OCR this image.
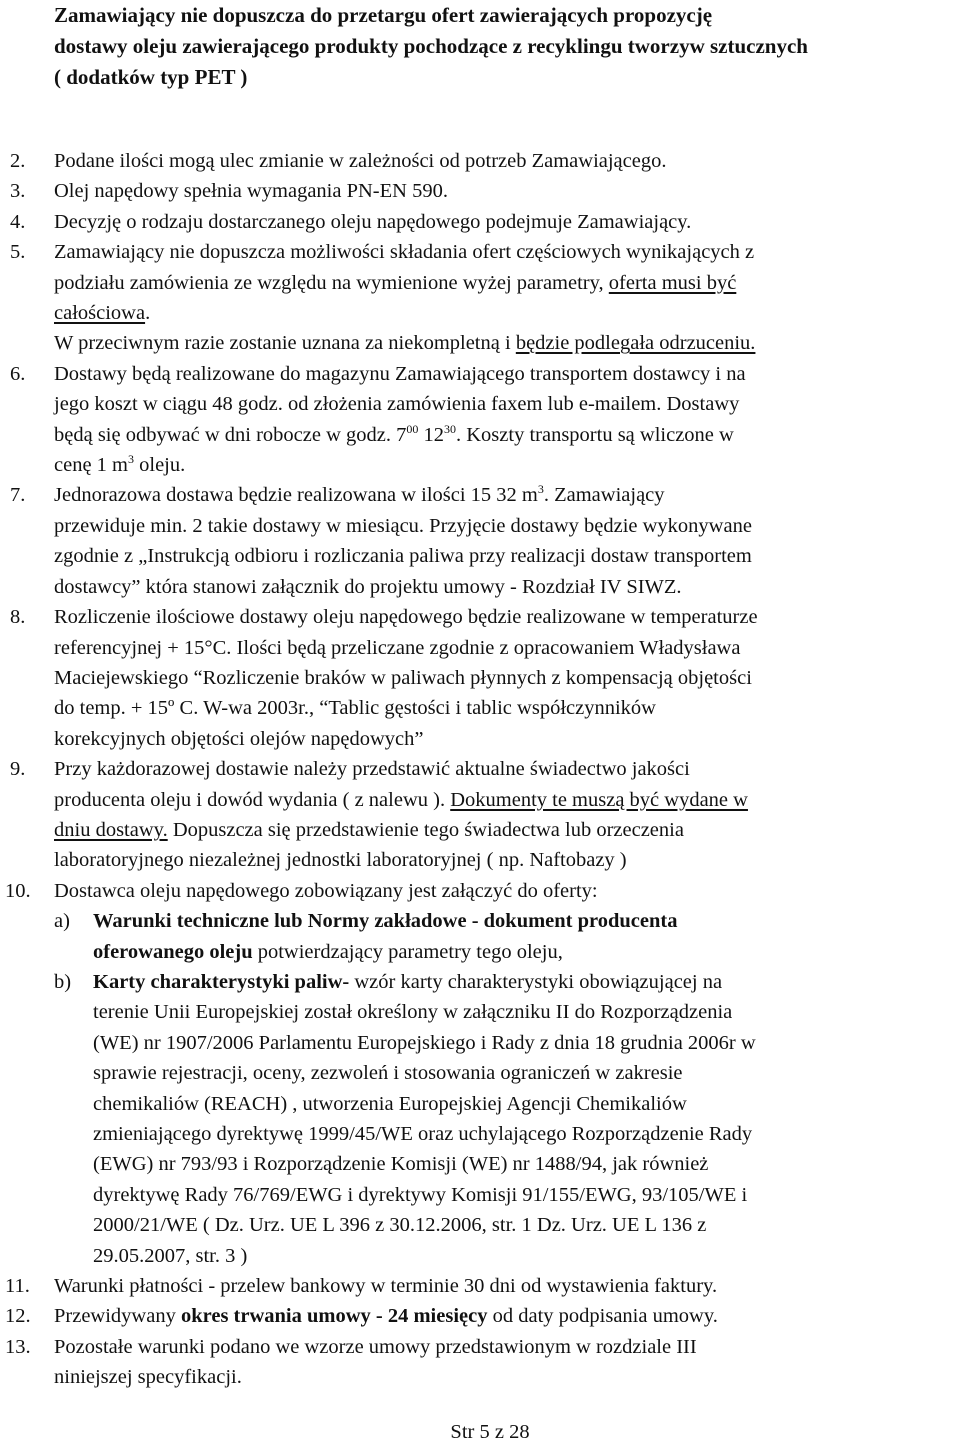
Zamawiający nie dopuszcza do przetargu ofert zawierających propozycję
dostawy oleju zawierającego produkty pochodzące z recyklingu tworzyw sztucznych
( dodatków typ PET )
2.	Podane ilości mogą ulec zmianie w zależności od potrzeb Zamawiającego.
3.	Olej napędowy spełnia wymagania PN-EN 590.
4.	Decyzję o rodzaju dostarczanego oleju napędowego podejmuje Zamawiający.
5.	Zamawiający nie dopuszcza możliwości składania ofert częściowych wynikających z
podziału zamówienia ze względu na wymienione wyżej parametry, oferta musi być
całościowa.
W przeciwnym razie zostanie uznana za niekompletną i będzie podlegała odrzuceniu.
6.	Dostawy będą realizowane do magazynu Zamawiającego transportem dostawcy i na
jego koszt w ciągu 48 godz. od złożenia zamówienia faxem lub e-mailem. Dostawy
będą się odbywać w dni robocze w godz. $7^{00}$ $12^{30}$. Koszty transportu są wliczone w
cenę 1 $m^3$ oleju.
7.	Jednorazowa dostawa będzie realizowana w ilości 15 32 $m^3$. Zamawiający
przewiduje min. 2 takie dostawy w miesiącu. Przyjęcie dostawy będzie wykonywane
zgodnie z „Instrukcją odbioru i rozliczania paliwa przy realizacji dostaw transportem
dostawcy” która stanowi załącznik do projektu umowy - Rozdział IV SIWZ.
8.	Rozliczenie ilościowe dostawy oleju napędowego będzie realizowane w temperaturze
referencyjnej + 15°C. Ilości będą przeliczane zgodnie z opracowaniem Władysława
Maciejewskiego “Rozliczenie braków w paliwach płynnych z kompensacją objętości
do temp. + 15º C. W-wa 2003r., “Tablic gęstości i tablic współczynników
korekcyjnych objętości olejów napędowych”
9.	Przy każdorazowej dostawie należy przedstawić aktualne świadectwo jakości
producenta oleju i dowód wydania ( z nalewu ). Dokumenty te muszą być wydane w
dniu dostawy. Dopuszcza się przedstawienie tego świadectwa lub orzeczenia
laboratoryjnego niezależnej jednostki laboratoryjnej ( np. Naftobazy )
10.	Dostawca oleju napędowego zobowiązany jest załączyć do oferty:
a) Warunki techniczne lub Normy zakładowe - dokument producenta
oferowanego oleju potwierdzający parametry tego oleju,
b) Karty charakterystyki paliw- wzór karty charakterystyki obowiązującej na
terenie Unii Europejskiej został określony w załączniku II do Rozporządzenia
(WE) nr 1907/2006 Parlamentu Europejskiego i Rady z dnia 18 grudnia 2006r w
sprawie rejestracji, oceny, zezwoleń i stosowania ograniczeń w zakresie
chemikaliów (REACH) , utworzenia Europejskiej Agencji Chemikaliów
zmieniającego dyrektywę 1999/45/WE oraz uchylającego Rozporządzenie Rady
(EWG) nr 793/93 i Rozporządzenie Komisji (WE) nr 1488/94, jak również
dyrektywę Rady 76/769/EWG i dyrektywy Komisji 91/155/EWG, 93/105/WE i
2000/21/WE ( Dz. Urz. UE L 396 z 30.12.2006, str. 1 Dz. Urz. UE L 136 z
29.05.2007, str. 3 )
11.	Warunki płatności - przelew bankowy w terminie 30 dni od wystawienia faktury.
12.	Przewidywany okres trwania umowy - 24 miesięcy od daty podpisania umowy.
13.	Pozostałe warunki podano we wzorze umowy przedstawionym w rozdziale III
niniejszej specyfikacji.
Str 5 z 28
